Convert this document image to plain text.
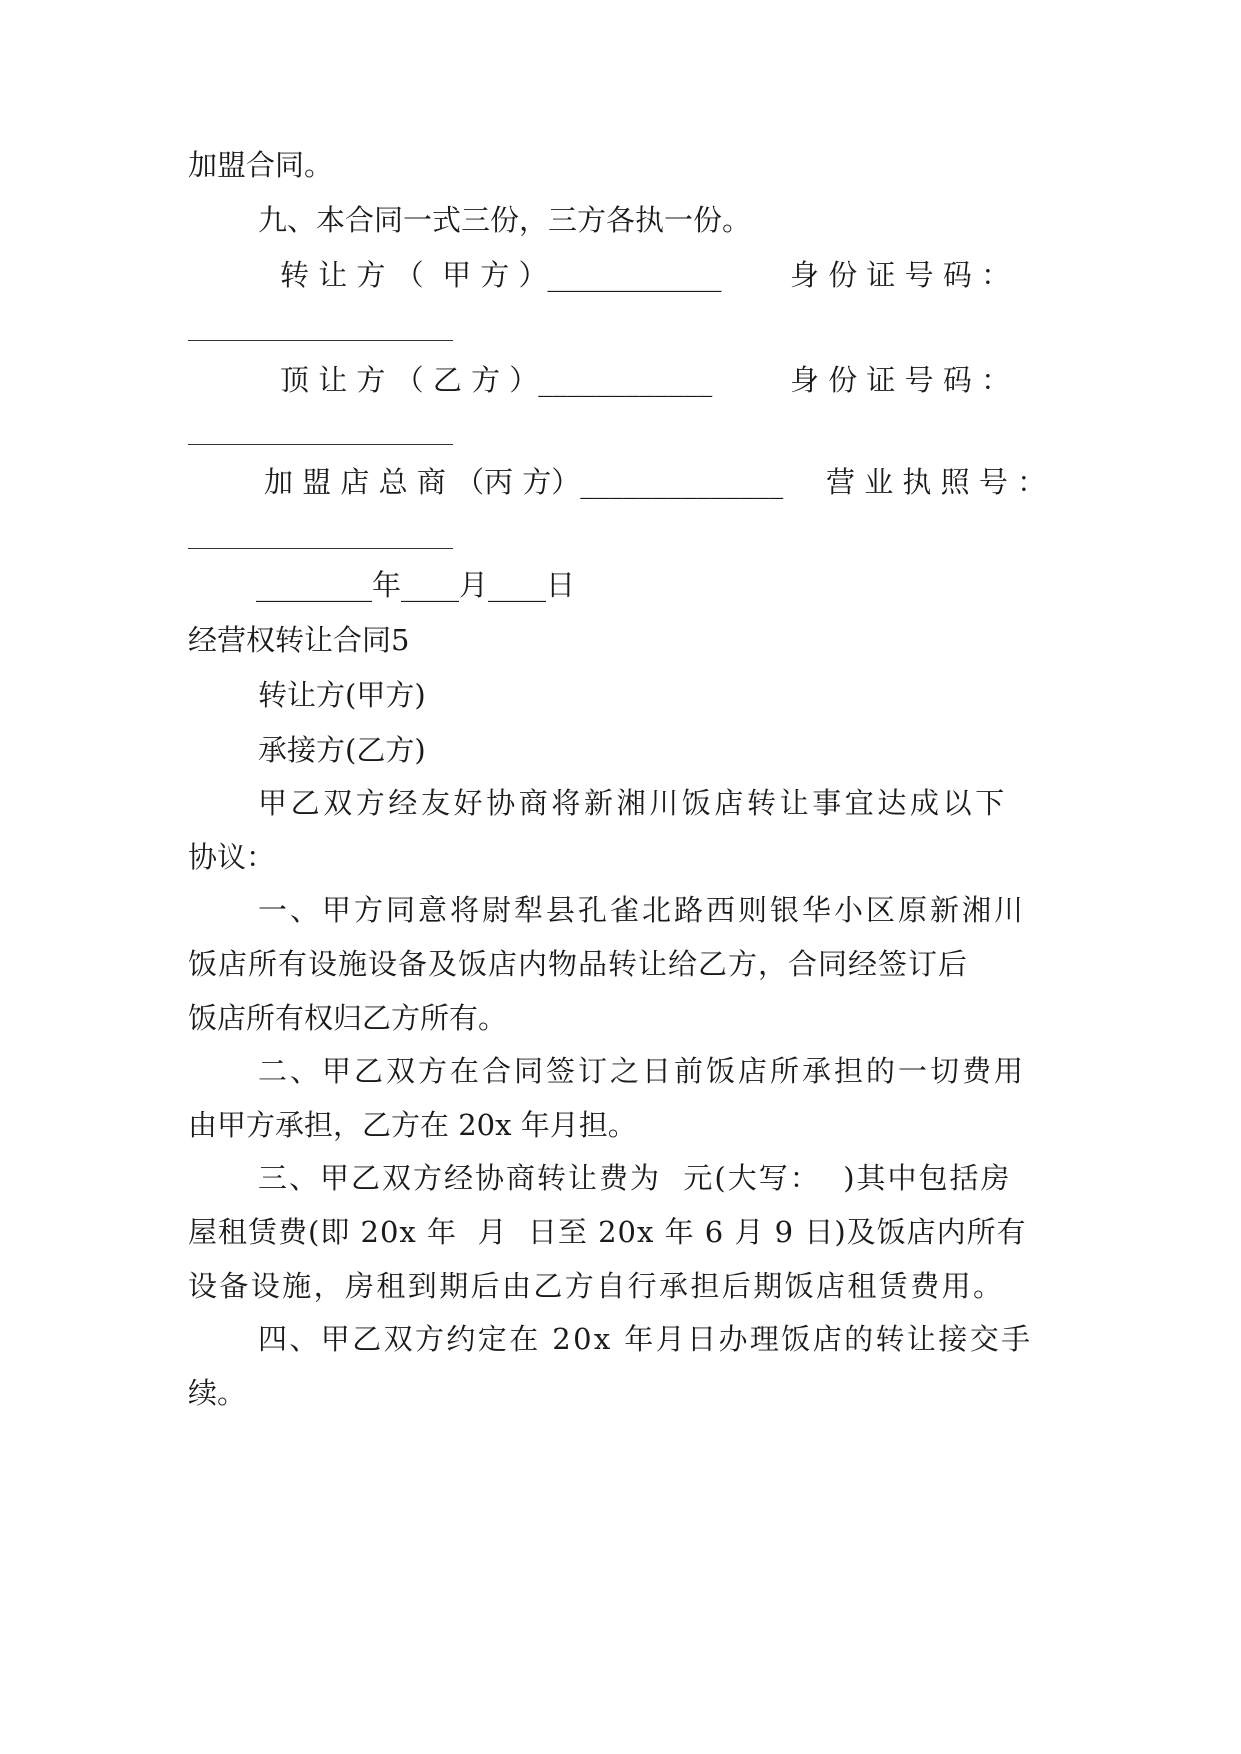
加盟合同。

九、本合同一式三份，三方各执一份。

转 让 方 （  甲 方 ）____________ 身 份 证 号 码 ：

顶 让 方 （ 乙 方 ）____________	身 份 证 号 码 ：

加 盟 店 总 商 （丙 方）______________ 营 业 执 照 号 ：

________年____月____日

经营权转让合同5

转让方(甲方)

承接方(乙方)

甲乙双方经友好协商将新湘川饭店转让事宜达成以下

协议：

一、甲方同意将尉犁县孔雀北路西则银华小区原新湘川

饭店所有设施设备及饭店内物品转让给乙方，合同经签订后

饭店所有权归乙方所有。

二、甲乙双方在合同签订之日前饭店所承担的一切费用

由甲方承担，乙方在 20x 年月担。

三、甲乙双方经协商转让费为  元(大写：  )其中包括房

屋租赁费(即 20x 年  月  日至 20x 年 6 月 9 日)及饭店内所有

设备设施，房租到期后由乙方自行承担后期饭店租赁费用。

四、甲乙双方约定在 20x 年月日办理饭店的转让接交手

续。
